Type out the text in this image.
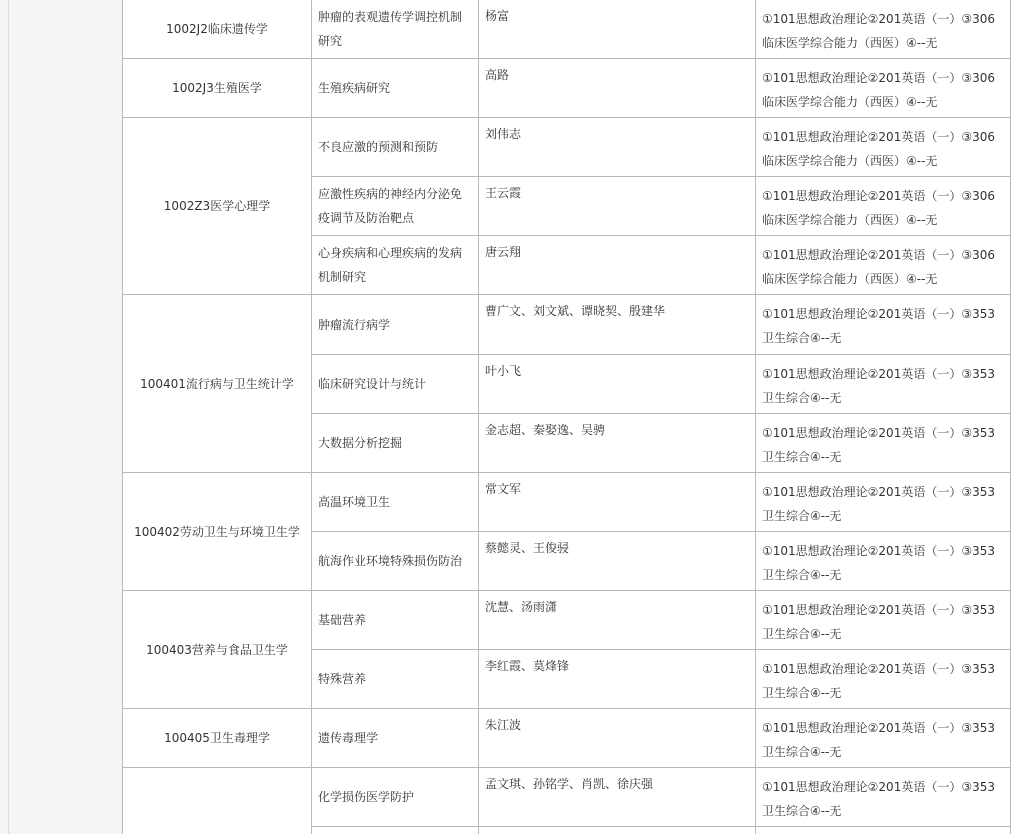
1002J2临床遗传学	肿瘤的表观遗传学调控机制研究	杨富	①101思想政治理论②201英语（一）③306临床医学综合能力（西医）④--无
1002J3生殖医学	生殖疾病研究	高路	①101思想政治理论②201英语（一）③306临床医学综合能力（西医）④--无
1002Z3医学心理学	不良应激的预测和预防	刘伟志	①101思想政治理论②201英语（一）③306临床医学综合能力（西医）④--无
	应激性疾病的神经内分泌免疫调节及防治靶点	王云霞	①101思想政治理论②201英语（一）③306临床医学综合能力（西医）④--无
	心身疾病和心理疾病的发病机制研究	唐云翔	①101思想政治理论②201英语（一）③306临床医学综合能力（西医）④--无
100401流行病与卫生统计学	肿瘤流行病学	曹广文、刘文斌、谭晓契、殷建华	①101思想政治理论②201英语（一）③353卫生综合④--无
	临床研究设计与统计	叶小飞	①101思想政治理论②201英语（一）③353卫生综合④--无
	大数据分析挖掘	金志超、秦娶逸、吴骋	①101思想政治理论②201英语（一）③353卫生综合④--无
100402劳动卫生与环境卫生学	高温环境卫生	常文军	①101思想政治理论②201英语（一）③353卫生综合④--无
	航海作业环境特殊损伤防治	蔡懿灵、王俊骎	①101思想政治理论②201英语（一）③353卫生综合④--无
100403营养与食品卫生学	基础营养	沈慧、汤雨潇	①101思想政治理论②201英语（一）③353卫生综合④--无
	特殊营养	李红霞、莫烽锋	①101思想政治理论②201英语（一）③353卫生综合④--无
100405卫生毒理学	遗传毒理学	朱江波	①101思想政治理论②201英语（一）③353卫生综合④--无
	化学损伤医学防护	孟文琪、孙铭学、肖凯、徐庆强	①101思想政治理论②201英语（一）③353卫生综合④--无
